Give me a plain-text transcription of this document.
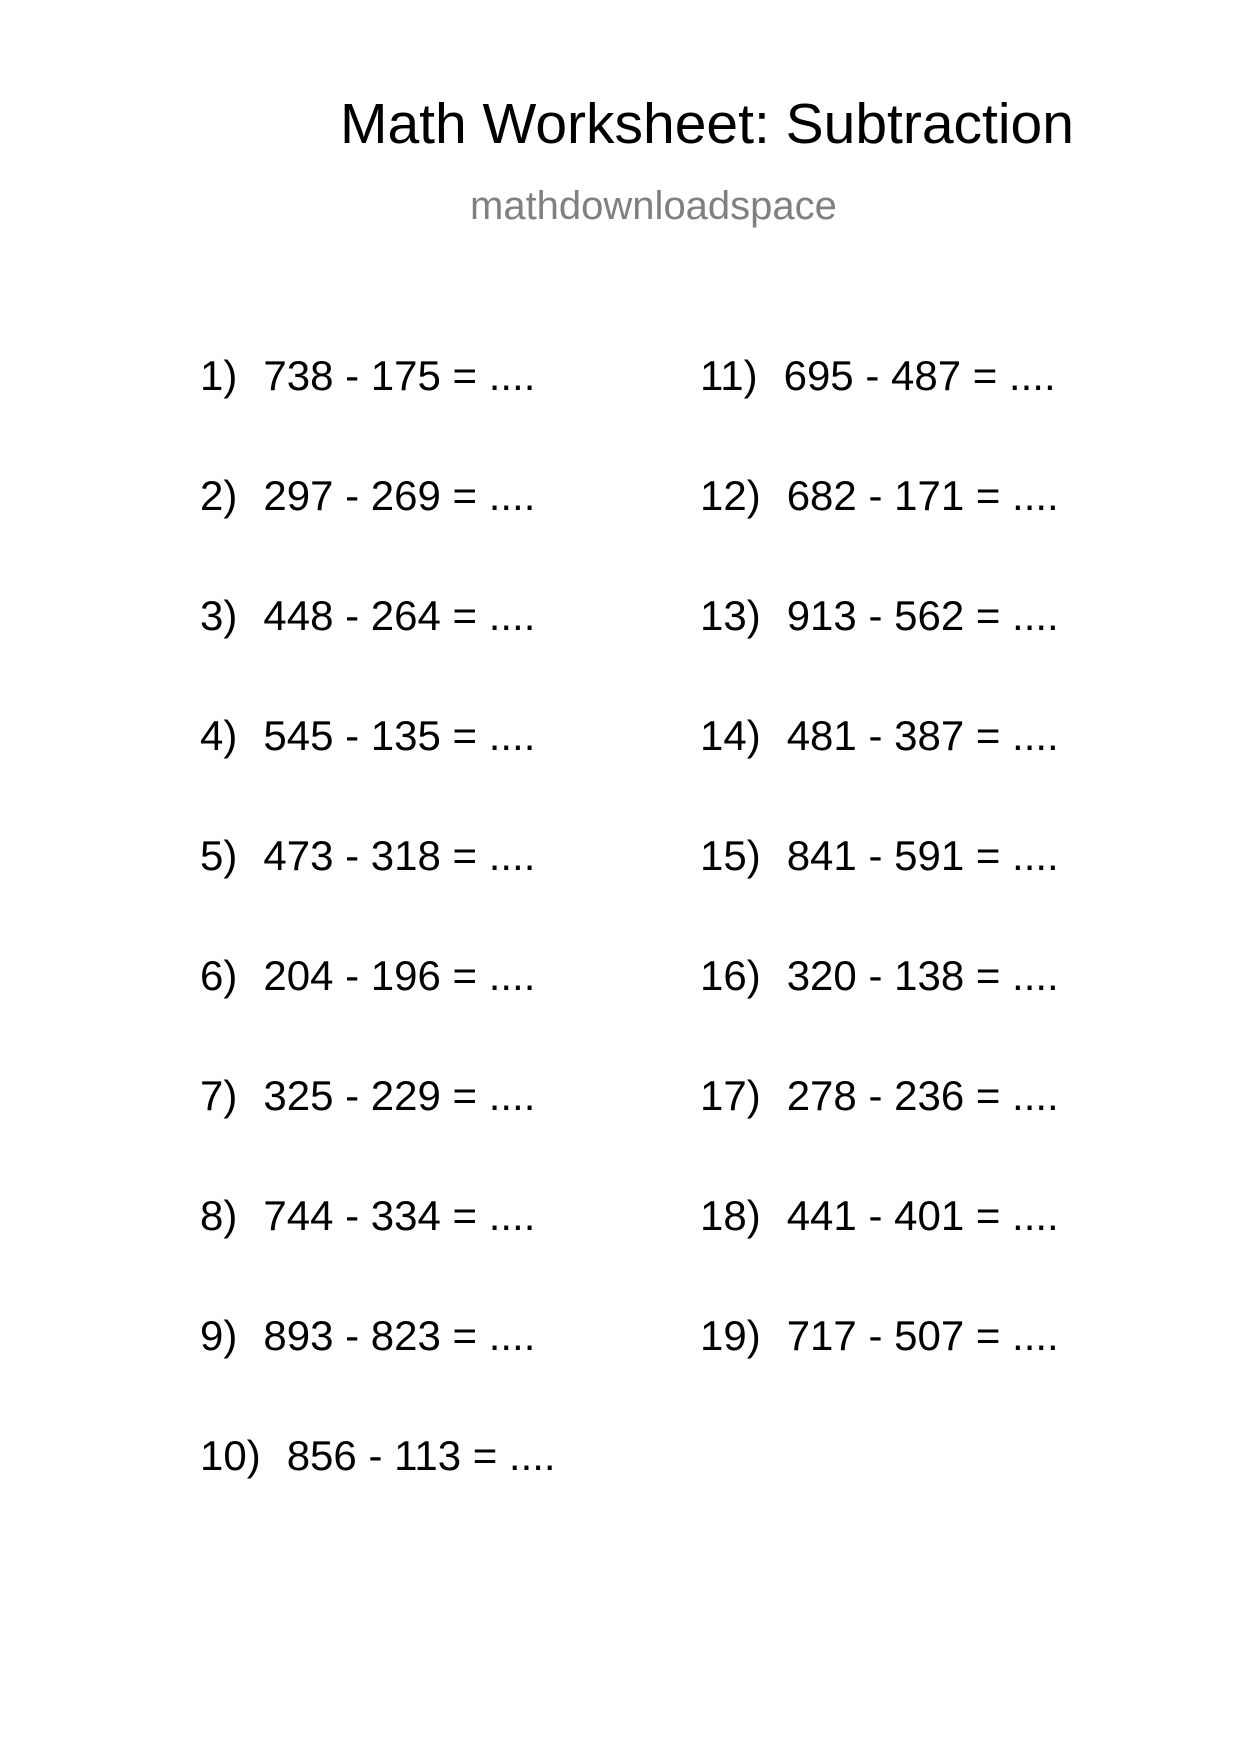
Math Worksheet: Subtraction
mathdownloadspace
1) 738 - 175 = ....
2) 297 - 269 = ....
3) 448 - 264 = ....
4) 545 - 135 = ....
5) 473 - 318 = ....
6) 204 - 196 = ....
7) 325 - 229 = ....
8) 744 - 334 = ....
9) 893 - 823 = ....
10) 856 - 113 = ....
11) 695 - 487 = ....
12) 682 - 171 = ....
13) 913 - 562 = ....
14) 481 - 387 = ....
15) 841 - 591 = ....
16) 320 - 138 = ....
17) 278 - 236 = ....
18) 441 - 401 = ....
19) 717 - 507 = ....
